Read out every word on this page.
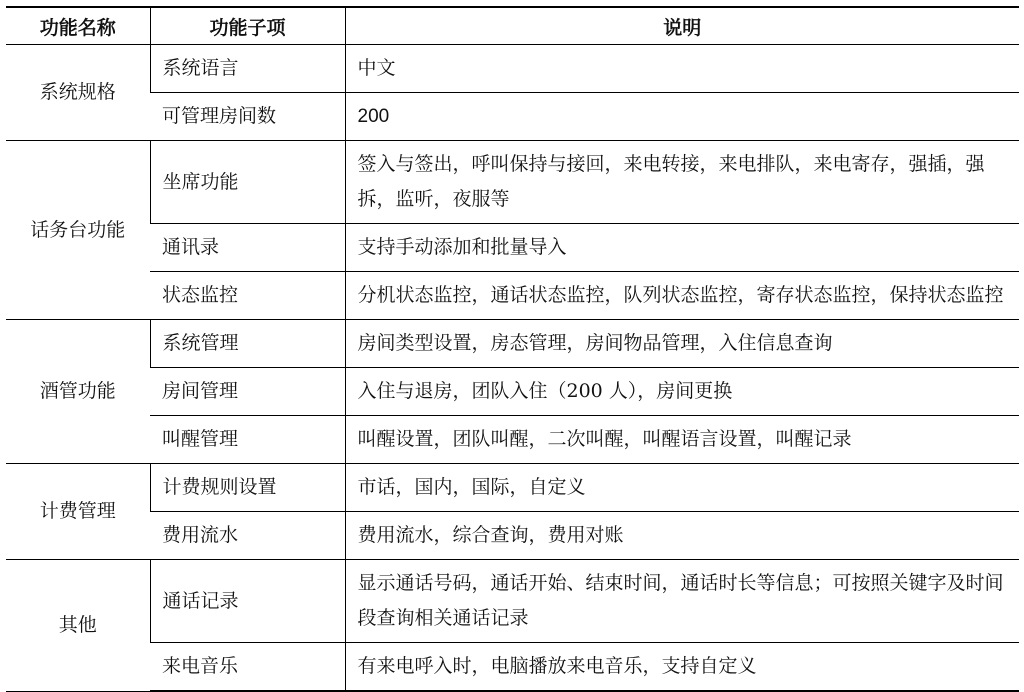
功能名称	功能子项	说明
系统规格	系统语言	中文
	可管理房间数	200
话务台功能	坐席功能	签入与签出，呼叫保持与接回，来电转接，来电排队，来电寄存，强插，强拆，监听，夜服等
	通讯录	支持手动添加和批量导入
	状态监控	分机状态监控，通话状态监控，队列状态监控，寄存状态监控，保持状态监控
酒管功能	系统管理	房间类型设置，房态管理，房间物品管理，入住信息查询
	房间管理	入住与退房，团队入住（200 人），房间更换
	叫醒管理	叫醒设置，团队叫醒，二次叫醒，叫醒语言设置，叫醒记录
计费管理	计费规则设置	市话，国内，国际，自定义
	费用流水	费用流水，综合查询，费用对账
其他	通话记录	显示通话号码，通话开始、结束时间，通话时长等信息；可按照关键字及时间段查询相关通话记录
	来电音乐	有来电呼入时，电脑播放来电音乐，支持自定义
